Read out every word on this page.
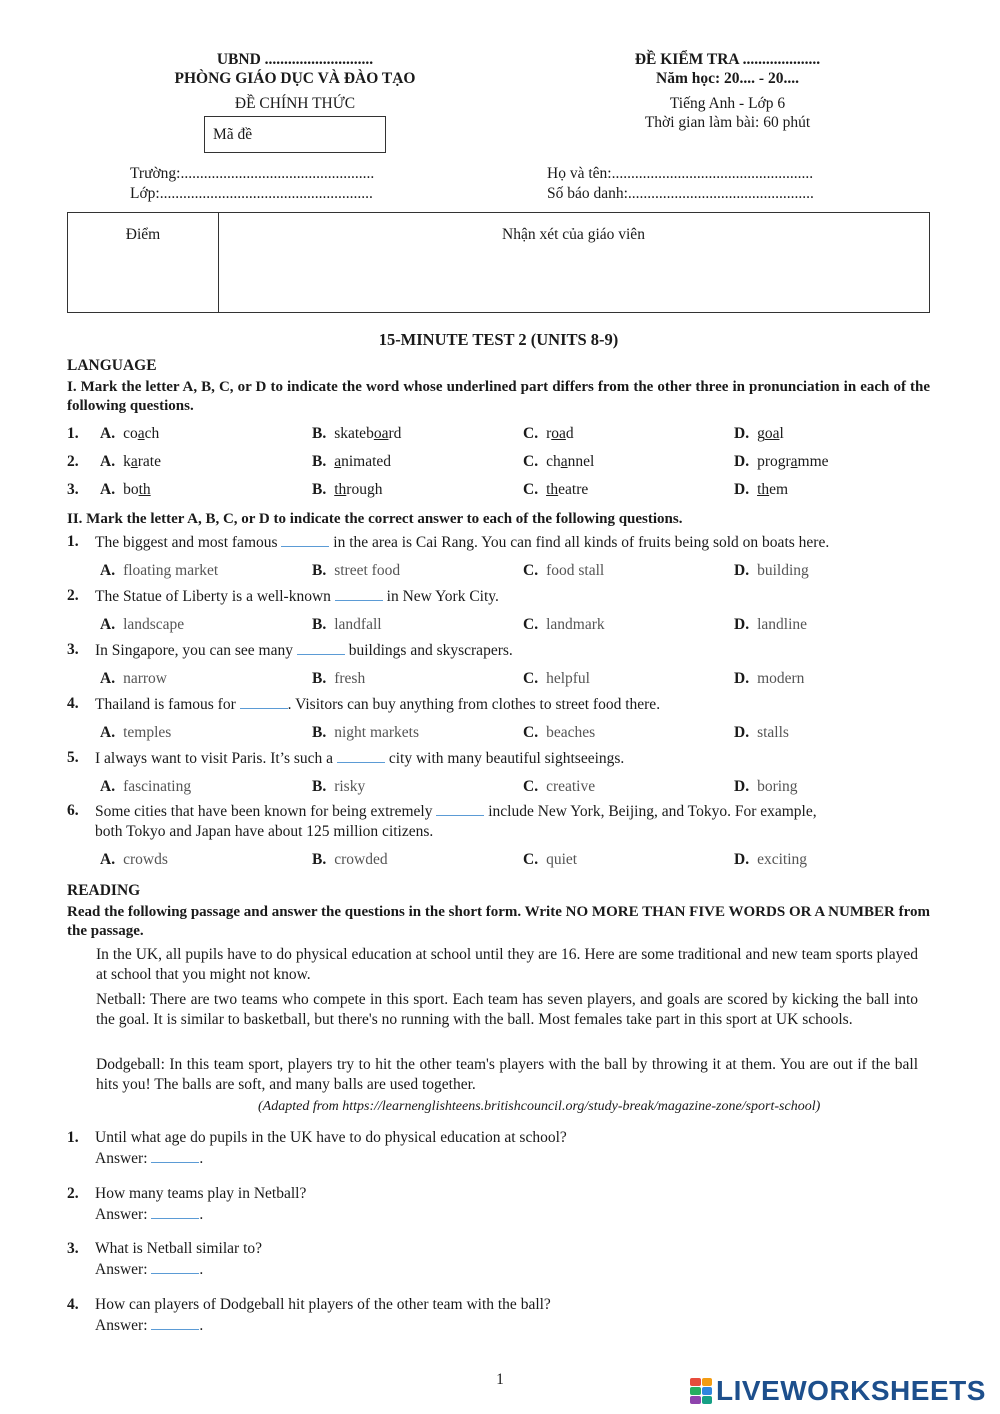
UBND ............................
PHÒNG GIÁO DỤC VÀ ĐÀO TẠO
ĐỀ CHÍNH THỨC
Mã đề
ĐỀ KIỂM TRA ....................
Năm học: 20.... - 20....
Tiếng Anh - Lớp 6
Thời gian làm bài: 60 phút
Trường:..................................................
Lớp:.......................................................
Họ và tên:....................................................
Số báo danh:................................................
Điểm	Nhận xét của giáo viên
15-MINUTE TEST 2 (UNITS 8-9)
LANGUAGE
I. Mark the letter A, B, C, or D to indicate the word whose underlined part differs from the other three in pronunciation in each of the following questions.
1. A. coach	B. skateboard	C. road	D. goal
2. A. karate	B. animated	C. channel	D. programme
3. A. both	B. through	C. theatre	D. them
II. Mark the letter A, B, C, or D to indicate the correct answer to each of the following questions.
1. The biggest and most famous	in the area is Cai Rang. You can find all kinds of fruits being sold on boats here.
A. floating market	B. street food	C. food stall	D. building
2. The Statue of Liberty is a well-known	in New York City.
A. landscape	B. landfall	C. landmark	D. landline
3. In Singapore, you can see many	buildings and skyscrapers.
A. narrow	B. fresh	C. helpful	D. modern
4. Thailand is famous for	. Visitors can buy anything from clothes to street food there.
A. temples	B. night markets	C. beaches	D. stalls
5. I always want to visit Paris. It’s such a	city with many beautiful sightseeings.
A. fascinating	B. risky	C. creative	D. boring
6. Some cities that have been known for being extremely	include New York, Beijing, and Tokyo. For example,
both Tokyo and Japan have about 125 million citizens.
A. crowds	B. crowded	C. quiet	D. exciting
READING
Read the following passage and answer the questions in the short form. Write NO MORE THAN FIVE WORDS OR A NUMBER from the passage.
In the UK, all pupils have to do physical education at school until they are 16. Here are some traditional and new team sports played at school that you might not know.
Netball: There are two teams who compete in this sport. Each team has seven players, and goals are scored by kicking the ball into the goal. It is similar to basketball, but there's no running with the ball. Most females take part in this sport at UK schools.
Dodgeball: In this team sport, players try to hit the other team's players with the ball by throwing it at them. You are out if the ball hits you! The balls are soft, and many balls are used together.
(Adapted from https://learnenglishteens.britishcouncil.org/study-break/magazine-zone/sport-school)
1. Until what age do pupils in the UK have to do physical education at school?
Answer:	.
2. How many teams play in Netball?
Answer:	.
3. What is Netball similar to?
Answer:	.
4. How can players of Dodgeball hit players of the other team with the ball?
Answer:	.
1	LIVEWORKSHEETS
